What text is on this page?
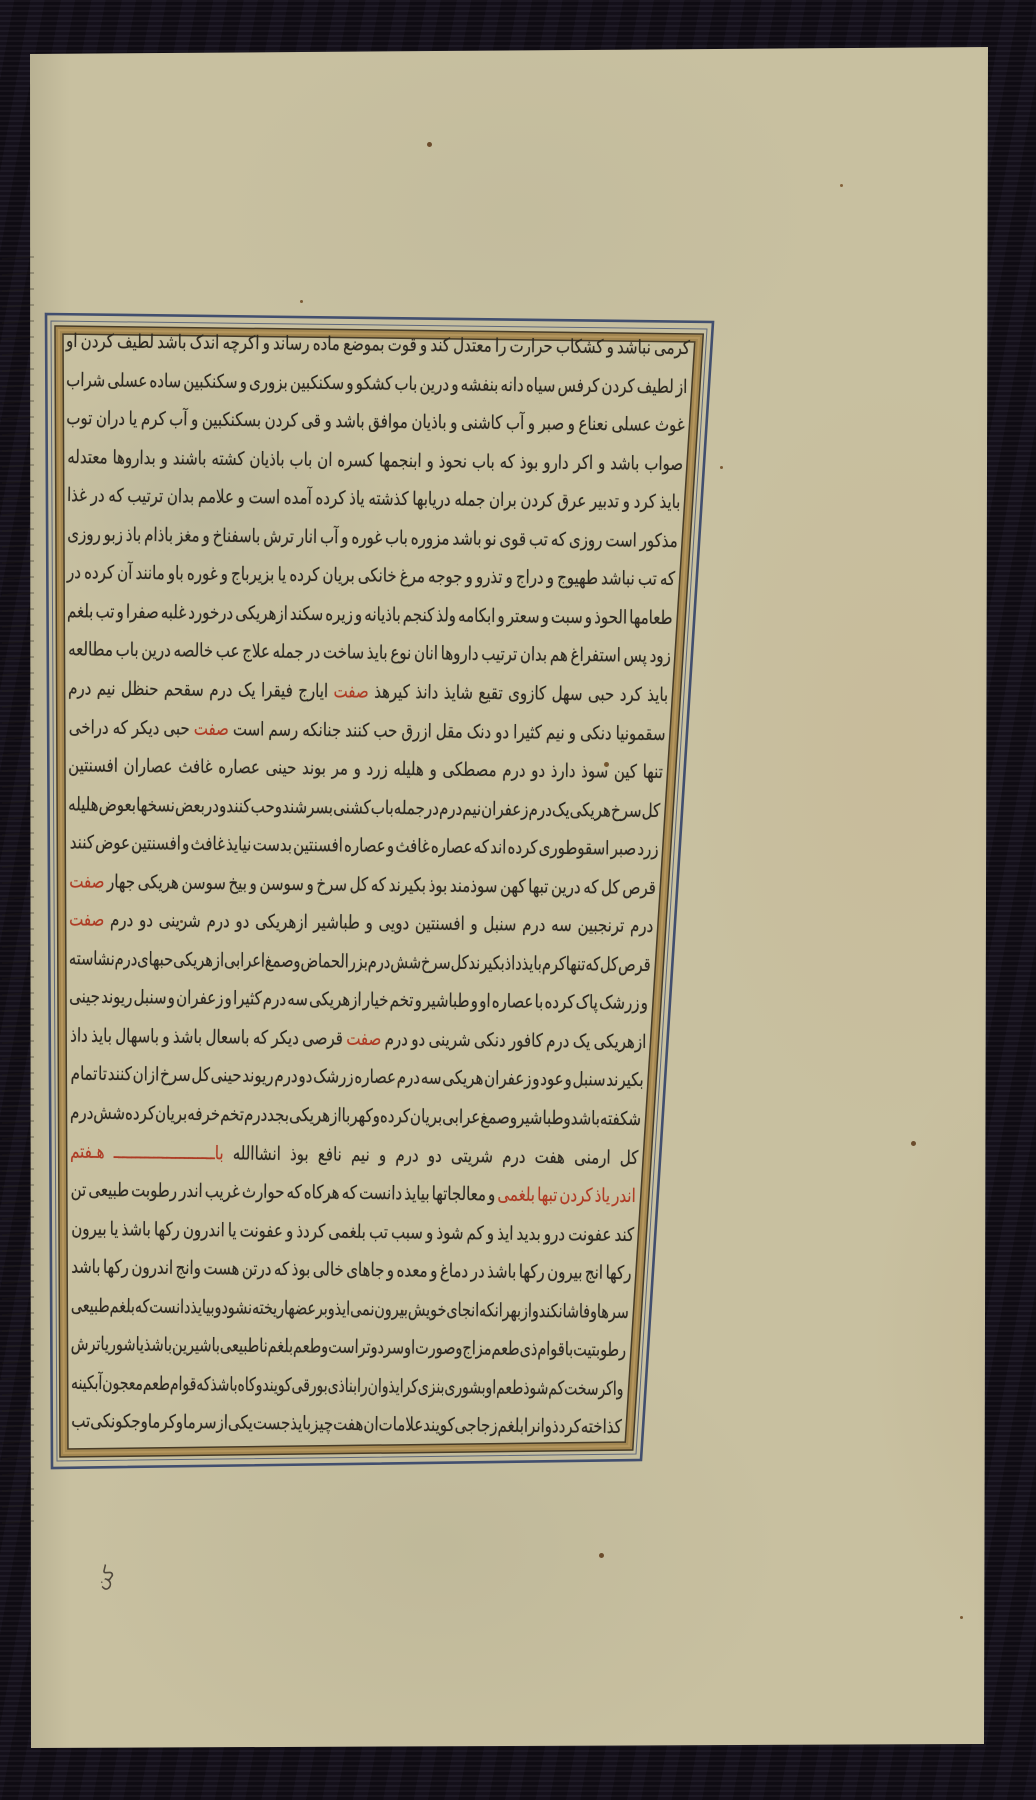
کرمی
نباشد
و
کشکاب
حرارت
را
معتدل
کند
و
قوت
بموضع
ماده
رساند
و
اکرچه
اندک
باشد
لطیف
کردن
او
از
لطیف
کردن
کرفس
سیاه
دانه
بنفشه
و
درین
باب
کشکو
و
سکنکبین
بزوری
و
سکنکبین
ساده
عسلی
شراب
غوث
عسلی
نعناع
و
صبر
و
آب
کاشنی
و
باذیان
موافق
باشد
و
قی
کردن
بسکنکبین
و
آب
کرم
یا
دران
توب
صواب
باشد
و
اکر
دارو
بوذ
که
باب
نحوذ
و
ابنجمها
کسره
ان
باب
باذیان
کشته
باشند
و
بداروها
معتدله
بایذ
کرد
و
تدبیر
عرق
کردن
بران
جمله
دریابها
کذشته
یاذ
کرده
آمده
است
و
علامم
بدان
ترتیب
که
در
غذا
مذکور
است
روزی
که
تب
قوی
نو
باشد
مزوره
باب
غوره
و
آب
انار
ترش
باسفناخ
و
مغز
باذام
باذ
زبو
روزی
که
تب
نباشد
طهیوج
و
دراج
و
تذرو
و
جوجه
مرغ
خانکی
بریان
کرده
یا
بزیرباج
و
غوره
باو
مانند
آن
کرده
در
طعامها
الحوذ
و
سبت
و
سعتر
و
ابکامه
ولذ
کنجم
باذیانه
و
زیره
سکند
ازهریکی
درخورد
غلبه
صفرا
و
تب
بلغم
زود
پس
استفراغ
هم
بدان
ترتیب
داروها
انان
نوع
بایذ
ساخت
در
جمله
علاج
عب
خالصه
درین
باب
مطالعه
بایذ
کرد
حبی
سهل
کازوی
تقیع
شایذ
دانذ
کیرهذ
صفت
ایارج
فیقرا
یک
درم
سقحم
حنظل
نیم
درم
سقمونیا
دنکی
و
نیم
کثیرا
دو
دنک
مقل
ازرق
حب
کنند
جنانکه
رسم
است
صفت
حبی
دیکر
که
دراخی
تنها
کین
سوذ
دارذ
دو
درم
مصطکی
و
هلیله
زرد
و
مر
بوند
حینی
عصاره
غافث
عصاران
افسنتین
کل
سرخ
هریکی
یک
درم
زعفران
نیم
درم
در
جمله
باب
کشنی
بسرشند
و
حب
کنند
و
در
بعض
نسخها
بعوض
هلیله
زرد
صبر
اسقوطوری
کرده
اند
که
عصاره
غافث
و
عصاره
افسنتین
بدست
نیایذ
غافث
و
افسنتین
عوض
کنند
قرص
کل
که
درین
تبها
کهن
سوذمند
بوذ
بکیرند
که
کل
سرخ
و
سوسن
و
بیخ
سوسن
هریکی
جهار
صفت
درم
ترنجبین
سه
درم
سنبل
و
افسنتین
دویی
و
طباشیر
ازهریکی
دو
درم
شرینی
دو
درم
صفت
قرص
کل
که
تنها
کرم
بایذ
داذ
بکیرند
کل
سرخ
شش
درم
بزرالحماض
و
صمغ
اعرابی
ازهریکی
حبهای
درم
نشاسته
و
زرشک
پاک
کرده
با
عصاره
او
و
طباشیر
و
تخم
خیار
ازهریکی
سه
درم
کثیرا
و
زعفران
و
سنبل
ریوند
جینی
ازهریکی
یک
درم
کافور
دنکی
شرینی
دو
درم
صفت
قرصی
دیکر
که
باسعال
باشذ
و
باسهال
بایذ
داذ
بکیرند
سنبل
و
عود
و
زعفران
هریکی
سه
درم
عصاره
زرشک
دو
درم
ریوند
حینی
کل
سرخ
ازان
کنند
تا
تمام
شکفته
باشد
و
طباشیر
و
صمغ
عرابی
بریان
کرده
و
کهربا
ازهریکی
بجد
درم
تخم
خرفه
بریان
کرده
شش
درم
کل
ارمنی
هفت
درم
شریتی
دو
درم
و
نیم
نافع
بوذ
انشاالله
باـــــــــــــــــــــــ
هـفتم
اندر
یاذ
کردن
تبها
بلغمی
و
معالجاتها
بیایذ
دانست
که
هرکاه
که
حوارث
غریب
اندر
رطوبت
طبیعی
تن
کند
عفونت
درو
بدید
ایذ
و
کم
شوذ
و
سبب
تب
بلغمی
کردذ
و
عفونت
یا
اندرون
رکها
باشذ
یا
بیرون
رکها
انج
بیرون
رکها
باشذ
در
دماغ
و
معده
و
جاهای
خالی
بوذ
که
درتن
هست
وانج
اندرون
رکها
باشد
سرها
و
فاشا
نکند
وازبهر
انکه
انجای
خویش
بیرون
نمی
ایذ
و
بر
عضها
ریخته
نشود
و
بیایذ
دانست
که
بلغم
طبیعی
رطوبتیت
با
قوام
ذی
طعم
مزاج
و
صورت
او
سرد
و
تر
است
و
طعم
بلغم
ناطبیعی
باشیرین
باشذ
یا
شور
یا
ترش
واکر
سخت
کم
شوذ
طعم
او
بشوری
بنزی
کرایذ
وان
را
بناذی
بورقی
کویند
وکاه
باشذ
که
قوام
طعم
معجون
آبکینه
کذاخته
کردذ
و
انرا
بلغم
زجاجی
کویند
علامات
ان
هفت
چیز
بایذ
جست
یکی
از
سرما
و
کرما
و
جکونکی
تب
کن
